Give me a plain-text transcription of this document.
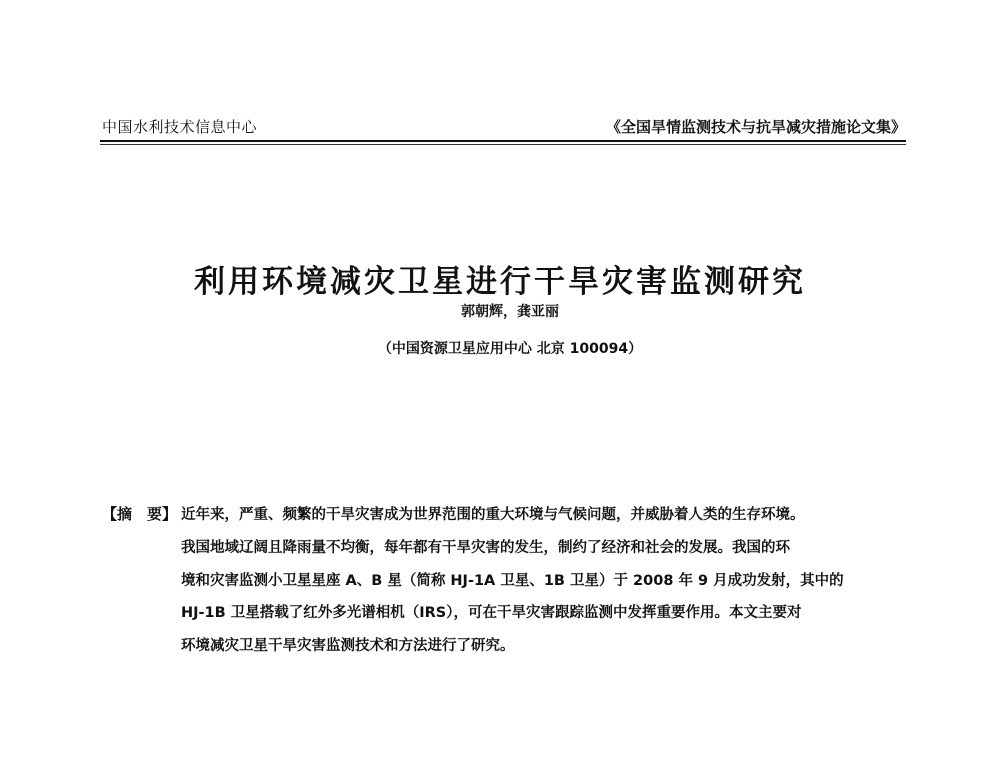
中国水利技术信息中心	《全国旱情监测技术与抗旱减灾措施论文集》
利用环境减灾卫星进行干旱灾害监测研究
郭朝辉，龚亚丽
（中国资源卫星应用中心 北京 100094）
【摘　要】 近年来，严重、频繁的干旱灾害成为世界范围的重大环境与气候问题，并威胁着人类的生存环境。
我国地域辽阔且降雨量不均衡，每年都有干旱灾害的发生，制约了经济和社会的发展。我国的环
境和灾害监测小卫星星座 A、B 星（简称 HJ-1A 卫星、1B 卫星）于 2008 年 9 月成功发射，其中的
HJ-1B 卫星搭载了红外多光谱相机（IRS），可在干旱灾害跟踪监测中发挥重要作用。本文主要对
环境减灾卫星干旱灾害监测技术和方法进行了研究。
